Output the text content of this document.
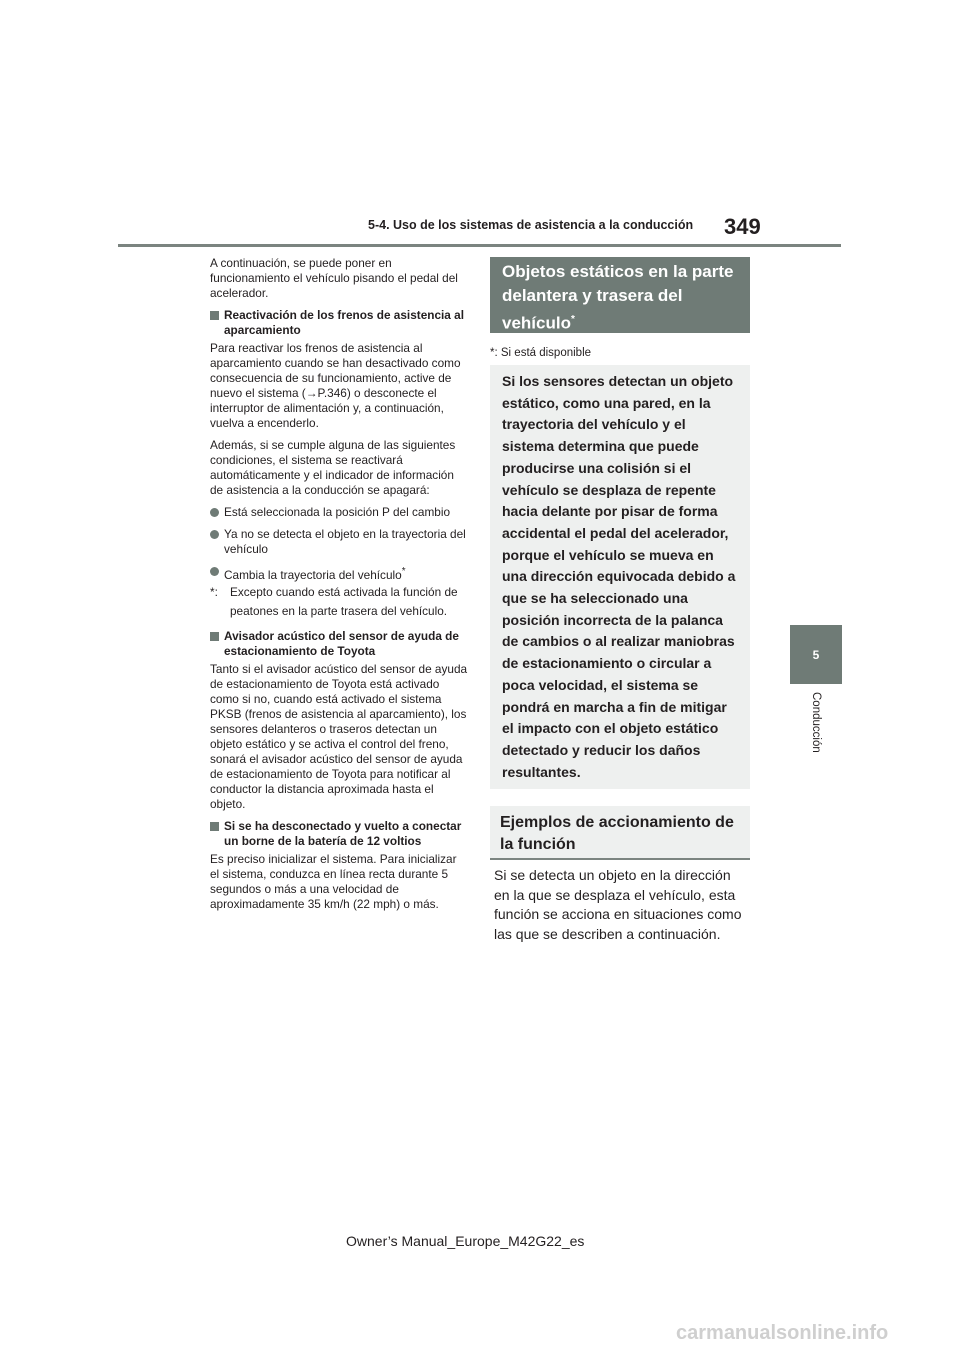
5-4. Uso de los sistemas de asistencia a la conducción 349
5
Conducción

A continuación, se puede poner en funcionamiento el vehículo pisando el pedal del acelerador.

Reactivación de los frenos de asistencia al aparcamiento

Para reactivar los frenos de asistencia al aparcamiento cuando se han desactivado como consecuencia de su funcionamiento, active de nuevo el sistema (→P.346) o desconecte el interruptor de alimentación y, a continuación, vuelva a encenderlo.

Además, si se cumple alguna de las siguientes condiciones, el sistema se reactivará automáticamente y el indicador de información de asistencia a la conducción se apagará:

Está seleccionada la posición P del cambio
Ya no se detecta el objeto en la trayectoria del vehículo
Cambia la trayectoria del vehículo*
*: Excepto cuando está activada la función de peatones en la parte trasera del vehículo.
Avisador acústico del sensor de ayuda de estacionamiento de Toyota

Tanto si el avisador acústico del sensor de ayuda de estacionamiento de Toyota está activado como si no, cuando está activado el sistema PKSB (frenos de asistencia al aparcamiento), los sensores delanteros o traseros detectan un objeto estático y se activa el control del freno, sonará el avisador acústico del sensor de ayuda de estacionamiento de Toyota para notificar al conductor la distancia aproximada hasta el objeto.

Si se ha desconectado y vuelto a conectar un borne de la batería de 12 voltios

Es preciso inicializar el sistema. Para inicializar el sistema, conduzca en línea recta durante 5 segundos o más a una velocidad de aproximadamente 35 km/h (22 mph) o más.

Objetos estáticos en la parte delantera y trasera del vehículo*
*: Si está disponible
Si los sensores detectan un objeto estático, como una pared, en la trayectoria del vehículo y el sistema determina que puede producirse una colisión si el vehículo se desplaza de repente hacia delante por pisar de forma accidental el pedal del acelerador, porque el vehículo se mueva en una dirección equivocada debido a que se ha seleccionado una posición incorrecta de la palanca de cambios o al realizar maniobras de estacionamiento o circular a poca velocidad, el sistema se pondrá en marcha a fin de mitigar el impacto con el objeto estático detectado y reducir los daños resultantes.
Ejemplos de accionamiento de la función
Si se detecta un objeto en la dirección en la que se desplaza el vehículo, esta función se acciona en situaciones como las que se describen a continuación.
Owner’s Manual_Europe_M42G22_es
carmanualsonline.info
